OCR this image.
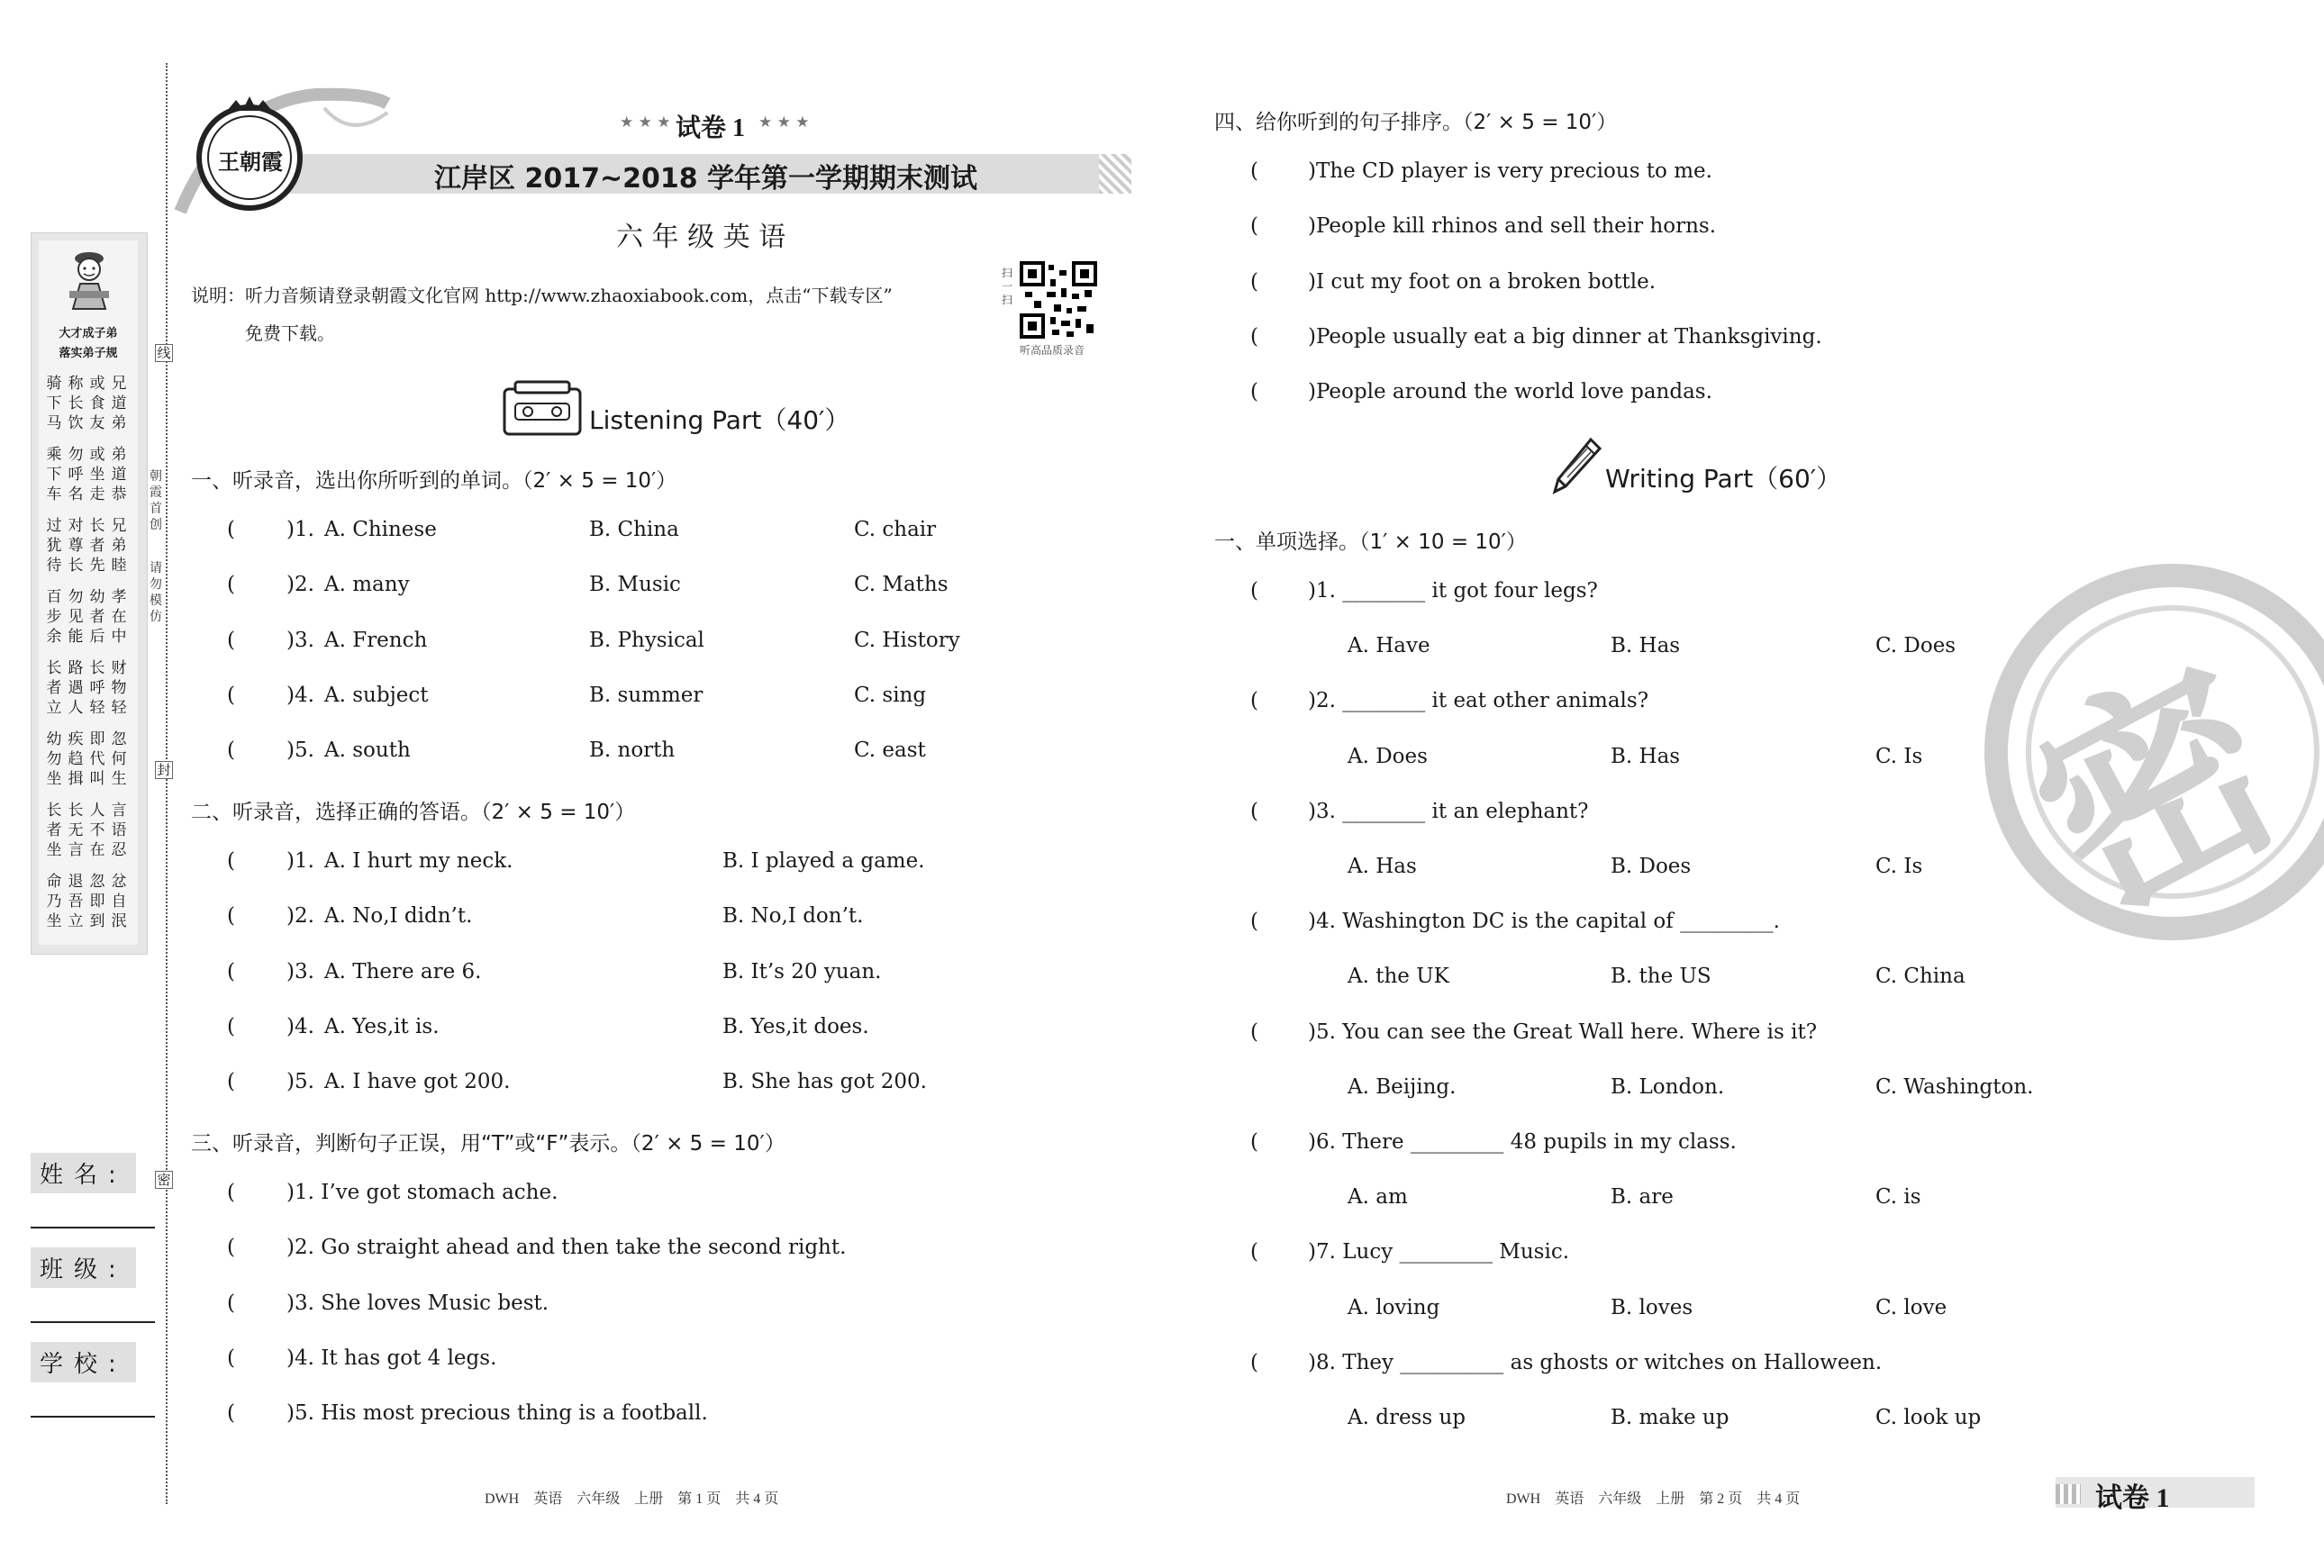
大才成子弟
落实弟子规
骑下马
称长饮
或食友
兄道弟
乘下车
勿呼名
或坐走
弟道恭
过犹待
对尊长
长者先
兄弟睦
百步余
勿见能
幼者后
孝在中
长者立
路遇人
长呼轻
财物轻
幼勿坐
疾趋揖
即代叫
忽何生
长者坐
长无言
人不在
言语忍
命乃坐
退吾立
忽即到
忿自泯
线
封
密
朝霞首创
请勿模仿
姓名:
班级:
学校:
王朝霞
★ ★ ★ 试卷 1 ★ ★ ★
江岸区 2017~2018 学年第一学期期末测试
六 年 级 英 语
说明：听力音频请登录朝霞文化官网 http://www.zhaoxiabook.com，点击“下载专区”
免费下载。
扫一扫
听高品质录音
Listening Part（40′）
一、听录音，选出你所听到的单词。（2′ × 5 = 10′）
( )1. A. Chinese	B. China	C. chair
( )2. A. many	B. Music	C. Maths
( )3. A. French	B. Physical	C. History
( )4. A. subject	B. summer	C. sing
( )5. A. south	B. north	C. east
二、听录音，选择正确的答语。（2′ × 5 = 10′）
( )1. A. I hurt my neck.	B. I played a game.
( )2. A. No,I didn’t.	B. No,I don’t.
( )3. A. There are 6.	B. It’s 20 yuan.
( )4. A. Yes,it is.	B. Yes,it does.
( )5. A. I have got 200.	B. She has got 200.
三、听录音，判断句子正误，用“T”或“F”表示。（2′ × 5 = 10′）
( )1. I’ve got stomach ache.
( )2. Go straight ahead and then take the second right.
( )3. She loves Music best.
( )4. It has got 4 legs.
( )5. His most precious thing is a football.
四、给你听到的句子排序。（2′ × 5 = 10′）
( )The CD player is very precious to me.
( )People kill rhinos and sell their horns.
( )I cut my foot on a broken bottle.
( )People usually eat a big dinner at Thanksgiving.
( )People around the world love pandas.
Writing Part（60′）
一、单项选择。（1′ × 10 = 10′）
( )1. ________ it got four legs?
A. Have	B. Has	C. Does
( )2. ________ it eat other animals?
A. Does	B. Has	C. Is
( )3. ________ it an elephant?
A. Has	B. Does	C. Is
( )4. Washington DC is the capital of _________.
A. the UK	B. the US	C. China
( )5. You can see the Great Wall here. Where is it?
A. Beijing.	B. London.	C. Washington.
( )6. There _________ 48 pupils in my class.
A. am	B. are	C. is
( )7. Lucy _________ Music.
A. loving	B. loves	C. love
( )8. They __________ as ghosts or witches on Halloween.
A. dress up	B. make up	C. look up
密
DWH　英语　六年级　上册　第 1 页　共 4 页	DWH　英语　六年级　上册　第 2 页　共 4 页	试卷 1
